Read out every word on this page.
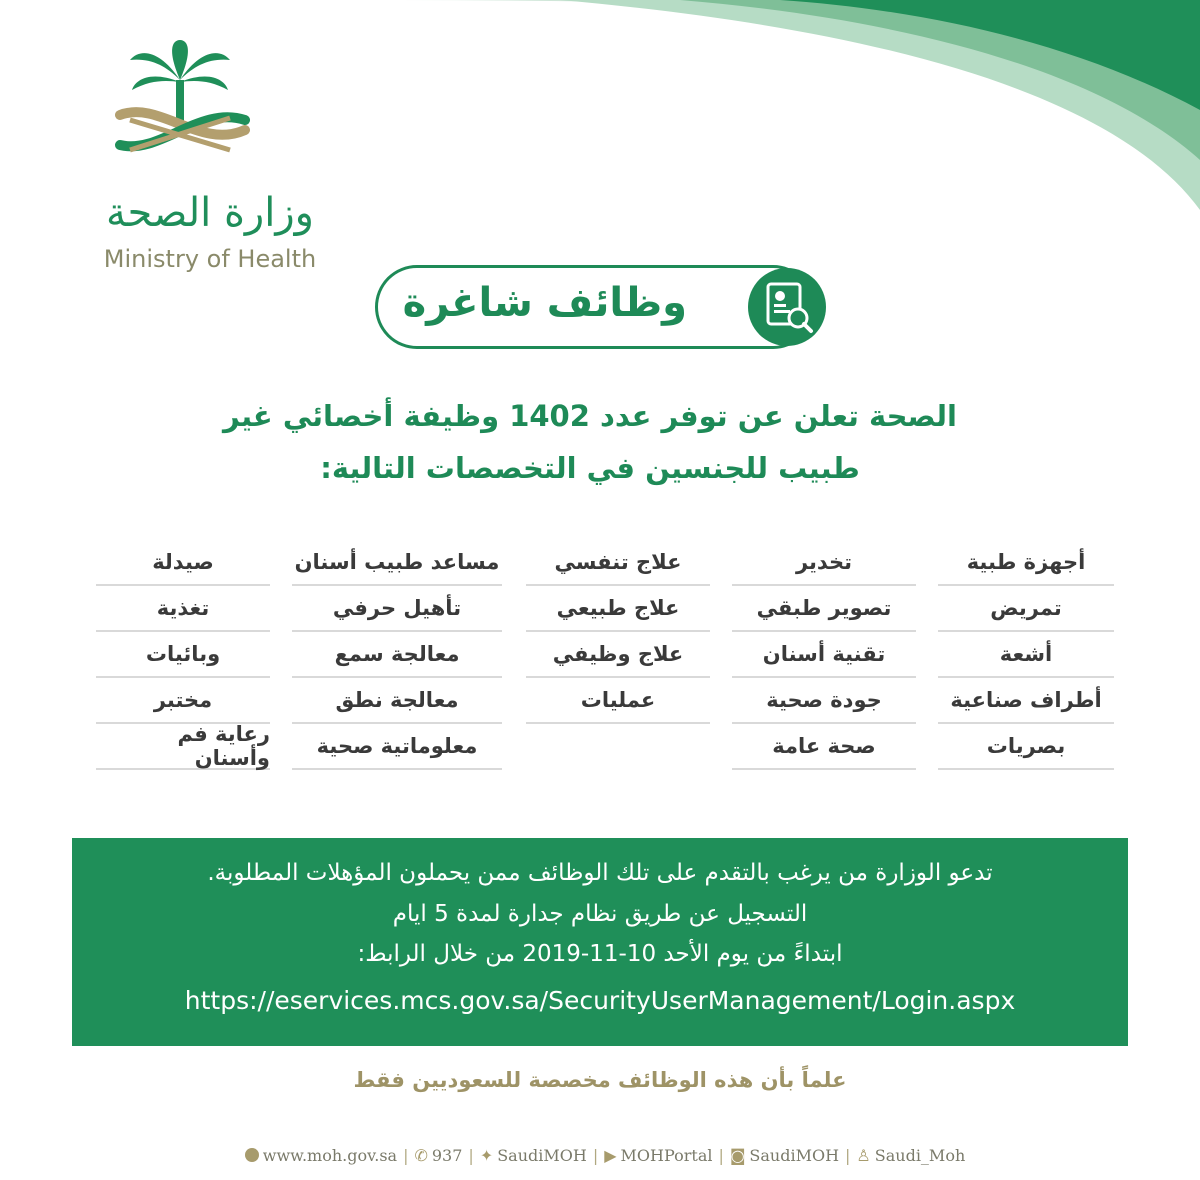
وزارة الصحة
Ministry of Health
وظائف شاغرة
الصحة تعلن عن توفر عدد 1402 وظيفة أخصائي غير
طبيب للجنسين في التخصصات التالية:
أجهزة طبية
تمريض
أشعة
أطراف صناعية
بصريات
تخدير
تصوير طبقي
تقنية أسنان
جودة صحية
صحة عامة
علاج تنفسي
علاج طبيعي
علاج وظيفي
عمليات
مساعد طبيب أسنان
تأهيل حرفي
معالجة سمع
معالجة نطق
معلوماتية صحية
صيدلة
تغذية
وبائيات
مختبر
رعاية فم وأسنان
تدعو الوزارة من يرغب بالتقدم على تلك الوظائف ممن يحملون المؤهلات المطلوبة.
التسجيل عن طريق نظام جدارة لمدة 5 ايام
ابتداءً من يوم الأحد 10-11-2019 من خلال الرابط:
https://eservices.mcs.gov.sa/SecurityUserManagement/Login.aspx
علماً بأن هذه الوظائف مخصصة للسعوديين فقط
www.moh.gov.sa | ✆ 937 | ✦ SaudiMOH | ▶ MOHPortal | ◙ SaudiMOH | ♙ Saudi_Moh
